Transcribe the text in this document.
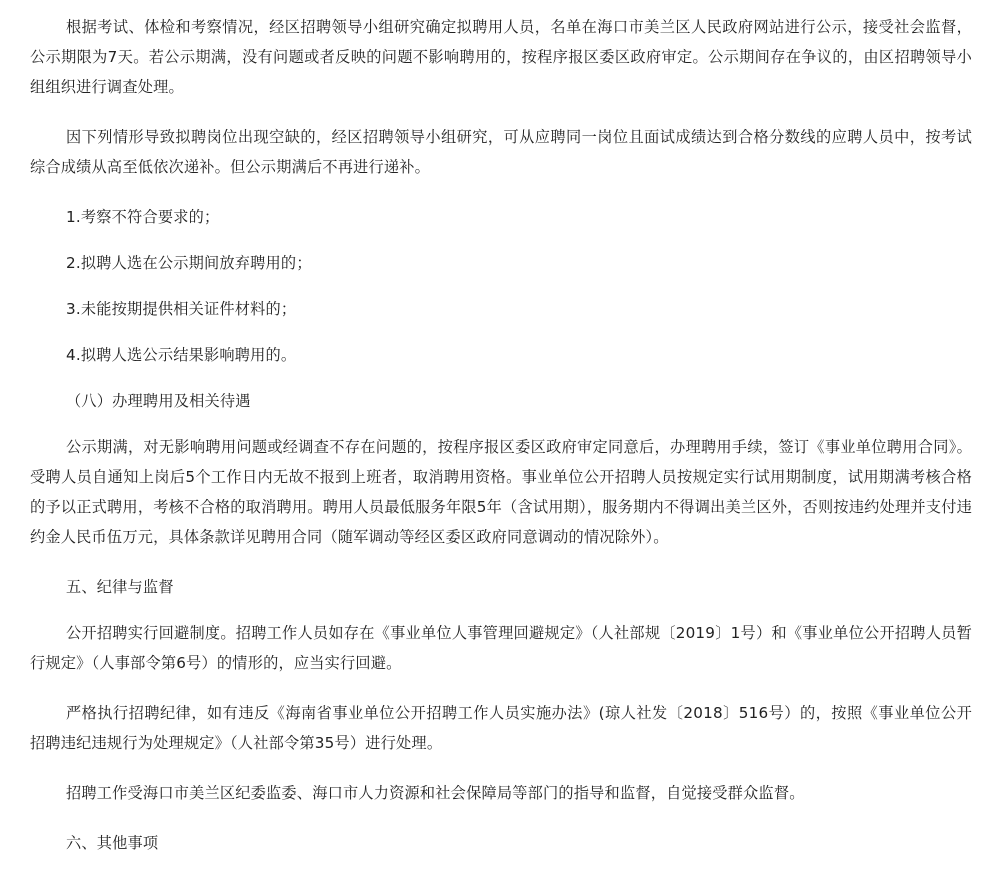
根据考试、体检和考察情况，经区招聘领导小组研究确定拟聘用人员，名单在海口市美兰区人民政府网站进行公示，接受社会监督，公示期限为7天。若公示期满，没有问题或者反映的问题不影响聘用的，按程序报区委区政府审定。公示期间存在争议的，由区招聘领导小组组织进行调查处理。

因下列情形导致拟聘岗位出现空缺的，经区招聘领导小组研究，可从应聘同一岗位且面试成绩达到合格分数线的应聘人员中，按考试综合成绩从高至低依次递补。但公示期满后不再进行递补。

1.考察不符合要求的；

2.拟聘人选在公示期间放弃聘用的；

3.未能按期提供相关证件材料的；

4.拟聘人选公示结果影响聘用的。

（八）办理聘用及相关待遇

公示期满，对无影响聘用问题或经调查不存在问题的，按程序报区委区政府审定同意后，办理聘用手续，签订《事业单位聘用合同》。受聘人员自通知上岗后5个工作日内无故不报到上班者，取消聘用资格。事业单位公开招聘人员按规定实行试用期制度，试用期满考核合格的予以正式聘用，考核不合格的取消聘用。聘用人员最低服务年限5年（含试用期），服务期内不得调出美兰区外，否则按违约处理并支付违约金人民币伍万元，具体条款详见聘用合同（随军调动等经区委区政府同意调动的情况除外）。

五、纪律与监督

公开招聘实行回避制度。招聘工作人员如存在《事业单位人事管理回避规定》（人社部规〔2019〕1号）和《事业单位公开招聘人员暂行规定》（人事部令第6号）的情形的，应当实行回避。

严格执行招聘纪律，如有违反《海南省事业单位公开招聘工作人员实施办法》(琼人社发〔2018〕516号）的，按照《事业单位公开招聘违纪违规行为处理规定》（人社部令第35号）进行处理。

招聘工作受海口市美兰区纪委监委、海口市人力资源和社会保障局等部门的指导和监督，自觉接受群众监督。

六、其他事项
